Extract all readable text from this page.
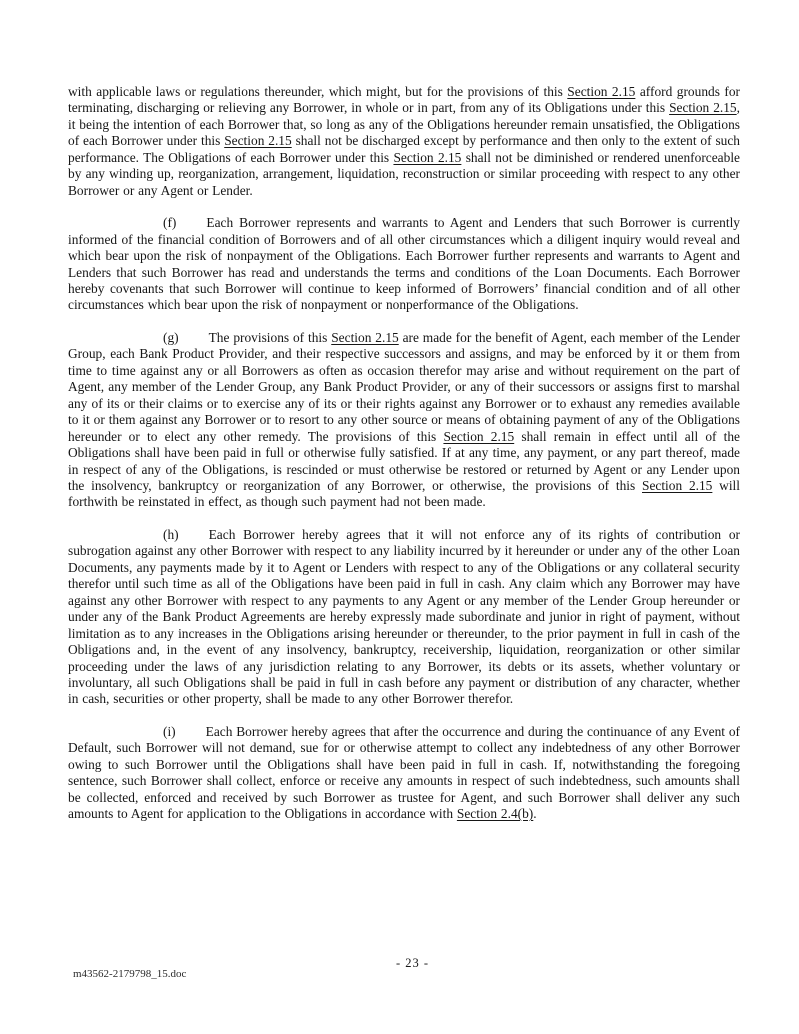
with applicable laws or regulations thereunder, which might, but for the provisions of this Section 2.15 afford grounds for terminating, discharging or relieving any Borrower, in whole or in part, from any of its Obligations under this Section 2.15, it being the intention of each Borrower that, so long as any of the Obligations hereunder remain unsatisfied, the Obligations of each Borrower under this Section 2.15 shall not be discharged except by performance and then only to the extent of such performance. The Obligations of each Borrower under this Section 2.15 shall not be diminished or rendered unenforceable by any winding up, reorganization, arrangement, liquidation, reconstruction or similar proceeding with respect to any other Borrower or any Agent or Lender.
(f) Each Borrower represents and warrants to Agent and Lenders that such Borrower is currently informed of the financial condition of Borrowers and of all other circumstances which a diligent inquiry would reveal and which bear upon the risk of nonpayment of the Obligations. Each Borrower further represents and warrants to Agent and Lenders that such Borrower has read and understands the terms and conditions of the Loan Documents. Each Borrower hereby covenants that such Borrower will continue to keep informed of Borrowers’ financial condition and of all other circumstances which bear upon the risk of nonpayment or nonperformance of the Obligations.
(g) The provisions of this Section 2.15 are made for the benefit of Agent, each member of the Lender Group, each Bank Product Provider, and their respective successors and assigns, and may be enforced by it or them from time to time against any or all Borrowers as often as occasion therefor may arise and without requirement on the part of Agent, any member of the Lender Group, any Bank Product Provider, or any of their successors or assigns first to marshal any of its or their claims or to exercise any of its or their rights against any Borrower or to exhaust any remedies available to it or them against any Borrower or to resort to any other source or means of obtaining payment of any of the Obligations hereunder or to elect any other remedy. The provisions of this Section 2.15 shall remain in effect until all of the Obligations shall have been paid in full or otherwise fully satisfied. If at any time, any payment, or any part thereof, made in respect of any of the Obligations, is rescinded or must otherwise be restored or returned by Agent or any Lender upon the insolvency, bankruptcy or reorganization of any Borrower, or otherwise, the provisions of this Section 2.15 will forthwith be reinstated in effect, as though such payment had not been made.
(h) Each Borrower hereby agrees that it will not enforce any of its rights of contribution or subrogation against any other Borrower with respect to any liability incurred by it hereunder or under any of the other Loan Documents, any payments made by it to Agent or Lenders with respect to any of the Obligations or any collateral security therefor until such time as all of the Obligations have been paid in full in cash. Any claim which any Borrower may have against any other Borrower with respect to any payments to any Agent or any member of the Lender Group hereunder or under any of the Bank Product Agreements are hereby expressly made subordinate and junior in right of payment, without limitation as to any increases in the Obligations arising hereunder or thereunder, to the prior payment in full in cash of the Obligations and, in the event of any insolvency, bankruptcy, receivership, liquidation, reorganization or other similar proceeding under the laws of any jurisdiction relating to any Borrower, its debts or its assets, whether voluntary or involuntary, all such Obligations shall be paid in full in cash before any payment or distribution of any character, whether in cash, securities or other property, shall be made to any other Borrower therefor.
(i) Each Borrower hereby agrees that after the occurrence and during the continuance of any Event of Default, such Borrower will not demand, sue for or otherwise attempt to collect any indebtedness of any other Borrower owing to such Borrower until the Obligations shall have been paid in full in cash. If, notwithstanding the foregoing sentence, such Borrower shall collect, enforce or receive any amounts in respect of such indebtedness, such amounts shall be collected, enforced and received by such Borrower as trustee for Agent, and such Borrower shall deliver any such amounts to Agent for application to the Obligations in accordance with Section 2.4(b).
- 23 -
m43562-2179798_15.doc
